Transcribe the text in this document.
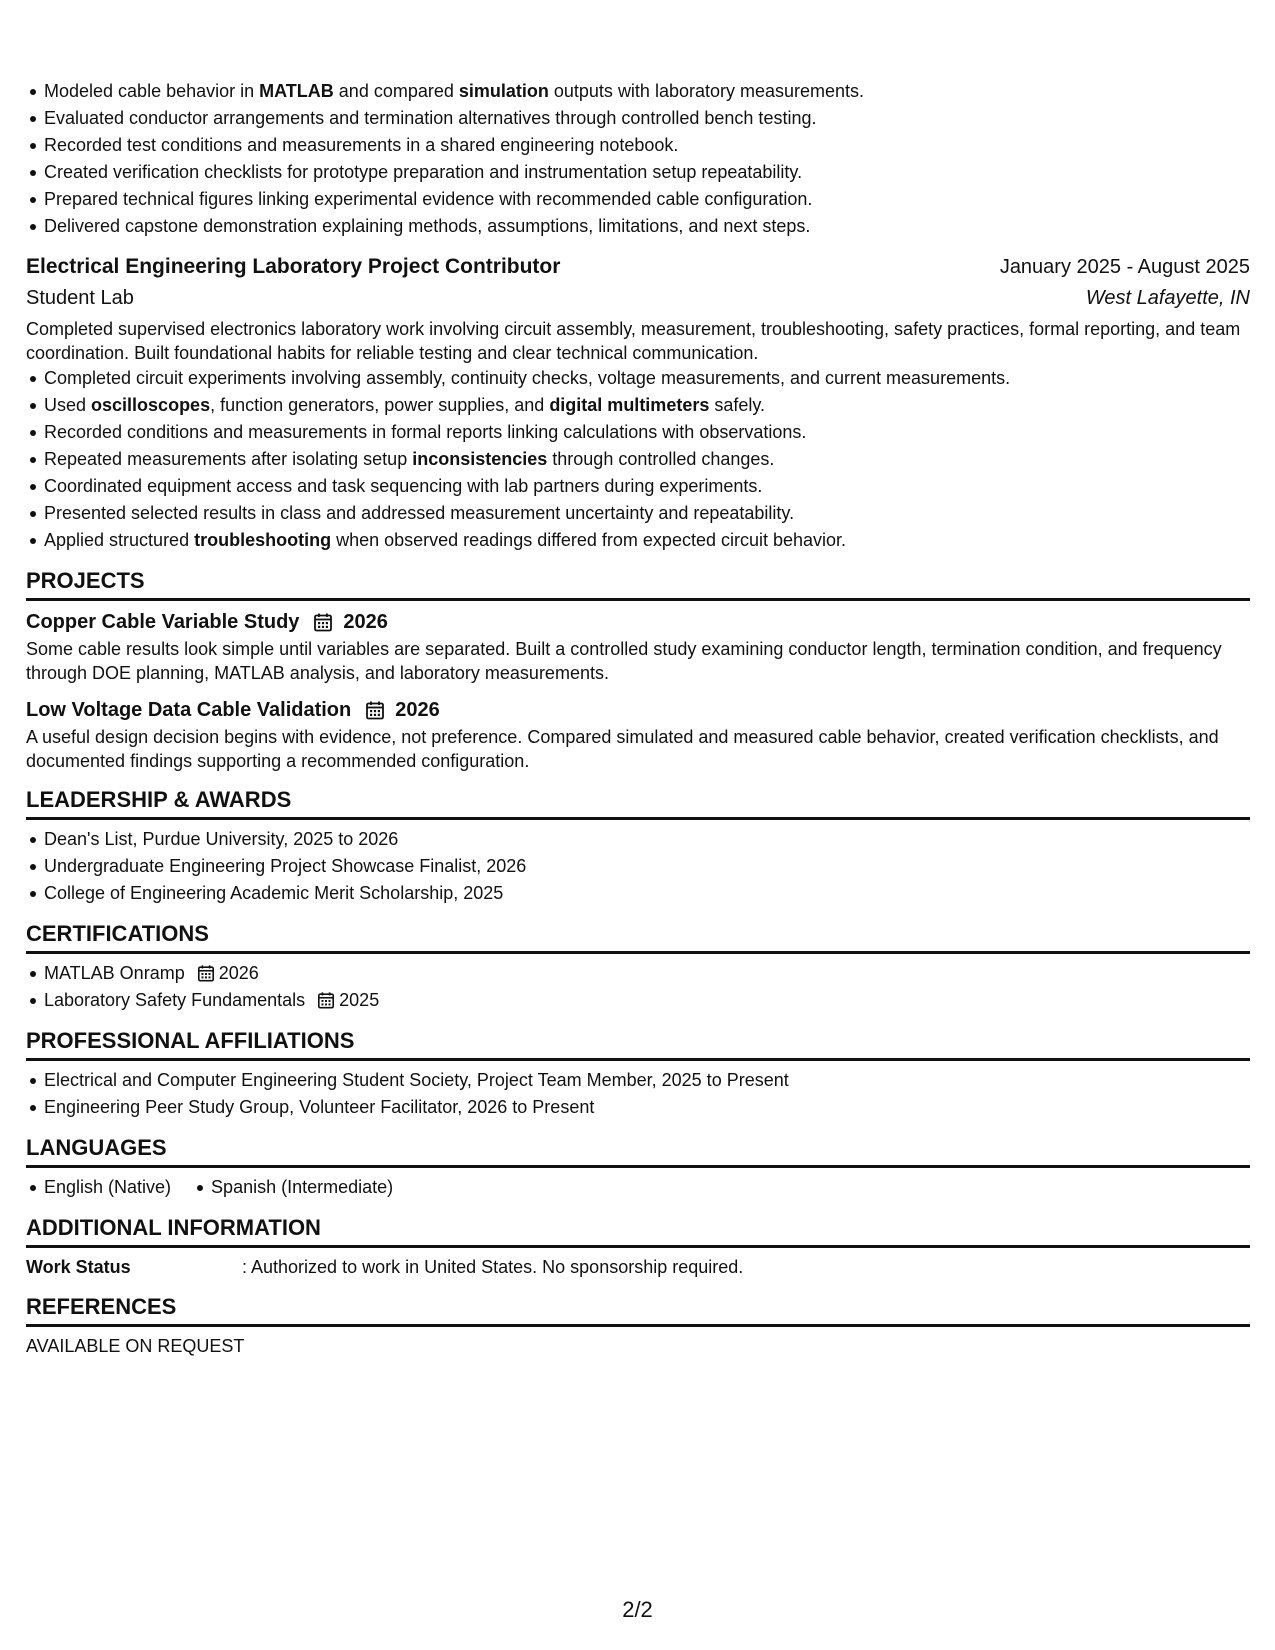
Modeled cable behavior in MATLAB and compared simulation outputs with laboratory measurements.
Evaluated conductor arrangements and termination alternatives through controlled bench testing.
Recorded test conditions and measurements in a shared engineering notebook.
Created verification checklists for prototype preparation and instrumentation setup repeatability.
Prepared technical figures linking experimental evidence with recommended cable configuration.
Delivered capstone demonstration explaining methods, assumptions, limitations, and next steps.
Electrical Engineering Laboratory Project Contributor	January 2025 - August 2025
Student Lab	West Lafayette, IN
Completed supervised electronics laboratory work involving circuit assembly, measurement, troubleshooting, safety practices, formal reporting, and team coordination. Built foundational habits for reliable testing and clear technical communication.
Completed circuit experiments involving assembly, continuity checks, voltage measurements, and current measurements.
Used oscilloscopes, function generators, power supplies, and digital multimeters safely.
Recorded conditions and measurements in formal reports linking calculations with observations.
Repeated measurements after isolating setup inconsistencies through controlled changes.
Coordinated equipment access and task sequencing with lab partners during experiments.
Presented selected results in class and addressed measurement uncertainty and repeatability.
Applied structured troubleshooting when observed readings differed from expected circuit behavior.
PROJECTS
Copper Cable Variable Study 2026
Some cable results look simple until variables are separated. Built a controlled study examining conductor length, termination condition, and frequency through DOE planning, MATLAB analysis, and laboratory measurements.
Low Voltage Data Cable Validation 2026
A useful design decision begins with evidence, not preference. Compared simulated and measured cable behavior, created verification checklists, and documented findings supporting a recommended configuration.
LEADERSHIP & AWARDS
Dean's List, Purdue University, 2025 to 2026
Undergraduate Engineering Project Showcase Finalist, 2026
College of Engineering Academic Merit Scholarship, 2025
CERTIFICATIONS
MATLAB Onramp 2026
Laboratory Safety Fundamentals 2025
PROFESSIONAL AFFILIATIONS
Electrical and Computer Engineering Student Society, Project Team Member, 2025 to Present
Engineering Peer Study Group, Volunteer Facilitator, 2026 to Present
LANGUAGES
English (Native) Spanish (Intermediate)
ADDITIONAL INFORMATION
Work Status	: Authorized to work in United States. No sponsorship required.
REFERENCES
AVAILABLE ON REQUEST
2/2
